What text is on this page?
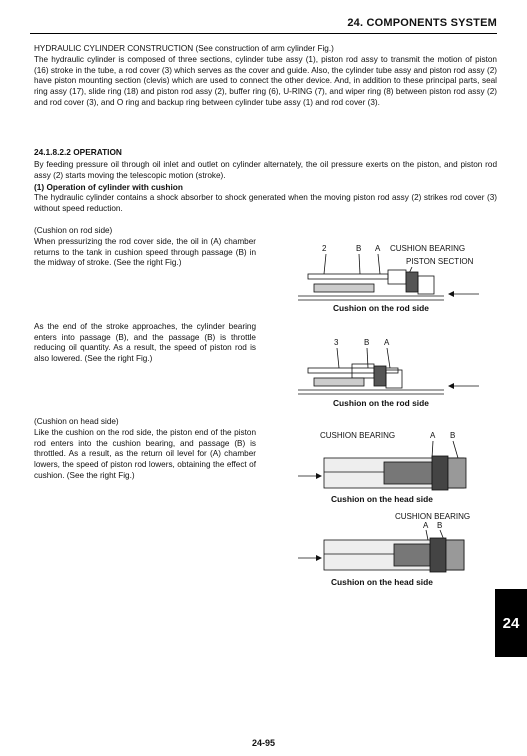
24. COMPONENTS SYSTEM

HYDRAULIC CYLINDER CONSTRUCTION (See construction of arm cylinder Fig.)

The hydraulic cylinder is composed of three sections, cylinder tube assy (1), piston rod assy to transmit the motion of piston (16) stroke in the tube, a rod cover (3) which serves as the cover and guide. Also, the cylinder tube assy and piston rod assy (2) have piston mounting section (clevis) which are used to connect the other device. And, in addition to these principal parts, seal ring assy (17), slide ring (18) and piston rod assy (2), buffer ring (6), U-RING (7), and wiper ring (8) between piston rod assy (2) and rod cover (3), and O ring and backup ring between cylinder tube assy (1) and rod cover (3).

24.1.8.2.2 OPERATION

By feeding pressure oil through oil inlet and outlet on cylinder alternately, the oil pressure exerts on the piston, and piston rod assy (2) starts moving the telescopic motion (stroke).

(1) Operation of cylinder with cushion

The hydraulic cylinder contains a shock absorber to shock generated when the moving piston rod assy (2) strikes rod cover (3) without speed reduction.

(Cushion on rod side)

When pressurizing the rod cover side, the oil in (A) chamber returns to the tank in cushion speed through passage (B) in the midway of stroke. (See the right Fig.)

As the end of the stroke approaches, the cylinder bearing enters into passage (B), and the passage (B) is throttle reducing oil quantity. As a result, the speed of piston rod is also lowered. (See the right Fig.)

(Cushion on head side)

Like the cushion on the rod side, the piston end of the piston rod enters into the cushion bearing, and passage (B) is throttled. As a result, as the return oil level for (A) chamber lowers, the speed of piston rod lowers, obtaining the effect of cushion. (See the right Fig.)

2	B A CUSHION BEARING
PISTON SECTION
Cushion on the rod side
3	B A
Cushion on the rod side
CUSHION BEARING	A B
Cushion on the head side
CUSHION BEARING
A B
Cushion on the head side
24
24-95
